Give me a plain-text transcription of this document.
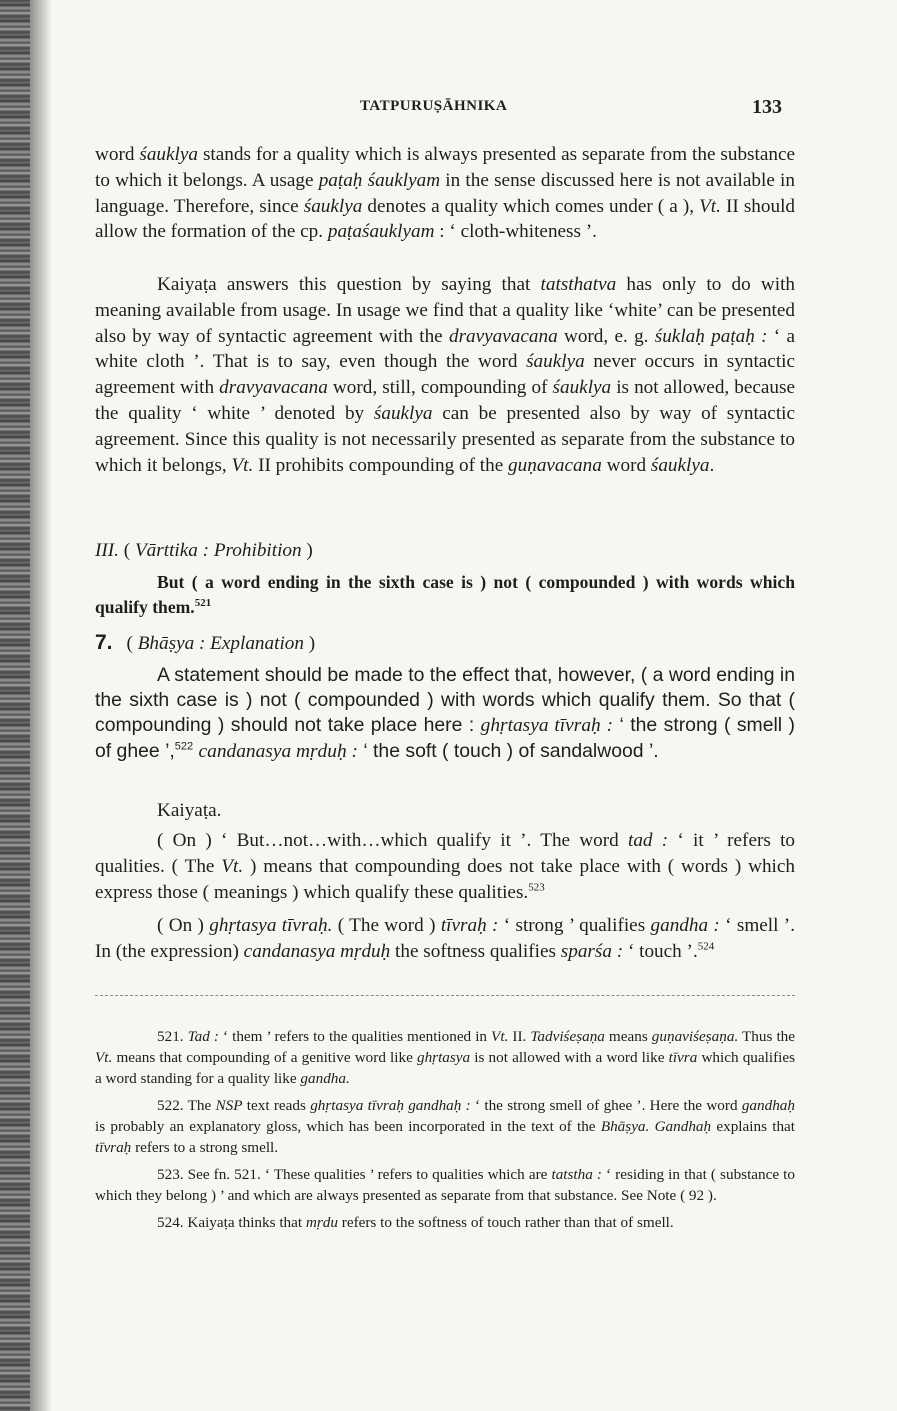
TATPURUṢĀHNIKA	133

word śauklya stands for a quality which is always presented as separate from the substance to which it belongs. A usage paṭaḥ śauklyam in the sense discussed here is not available in language. Therefore, since śauklya denotes a quality which comes under ( a ), Vt. II should allow the formation of the cp. paṭaśauklyam : ‘ cloth-whiteness ’.

Kaiyaṭa answers this question by saying that tatsthatva has only to do with meaning available from usage. In usage we find that a quality like ‘white’ can be presented also by way of syntactic agreement with the dravyavacana word, e. g. śuklaḥ paṭaḥ : ‘ a white cloth ’. That is to say, even though the word śauklya never occurs in syntactic agreement with dravyavacana word, still, compounding of śauklya is not allowed, because the quality ‘ white ’ denoted by śauklya can be presented also by way of syntactic agreement. Since this quality is not necessarily presented as separate from the substance to which it belongs, Vt. II prohibits compounding of the guṇavacana word śauklya.

III. ( Vārttika : Prohibition )

But ( a word ending in the sixth case is ) not ( compounded ) with words which qualify them.$^{521}$

7. ( Bhāṣya : Explanation )

A statement should be made to the effect that, however, ( a word ending in the sixth case is ) not ( compounded ) with words which qualify them. So that ( compounding ) should not take place here : ghṛtasya tīvraḥ : ‘ the strong ( smell ) of ghee ’,$^{522}$ candanasya mṛduḥ : ‘ the soft ( touch ) of sandalwood ’.

Kaiyaṭa.

( On ) ‘ But…not…with…which qualify it ’. The word tad : ‘ it ’ refers to qualities. ( The Vt. ) means that compounding does not take place with ( words ) which express those ( meanings ) which qualify these qualities.$^{523}$

( On ) ghṛtasya tīvraḥ. ( The word ) tīvraḥ : ‘ strong ’ qualifies gandha : ‘ smell ’. In (the expression) candanasya mṛduḥ the softness qualifies sparśa : ‘ touch ’.$^{524}$

521. Tad : ‘ them ’ refers to the qualities mentioned in Vt. II. Tadviśeṣaṇa means guṇaviśeṣaṇa. Thus the Vt. means that compounding of a genitive word like ghṛtasya is not allowed with a word like tīvra which qualifies a word standing for a quality like gandha.

522. The NSP text reads ghṛtasya tīvraḥ gandhaḥ : ‘ the strong smell of ghee ’. Here the word gandhaḥ is probably an explanatory gloss, which has been incorporated in the text of the Bhāṣya. Gandhaḥ explains that tīvraḥ refers to a strong smell.

523. See fn. 521. ‘ These qualities ’ refers to qualities which are tatstha : ‘ residing in that ( substance to which they belong ) ’ and which are always presented as separate from that substance. See Note ( 92 ).

524. Kaiyaṭa thinks that mṛdu refers to the softness of touch rather than that of smell.
